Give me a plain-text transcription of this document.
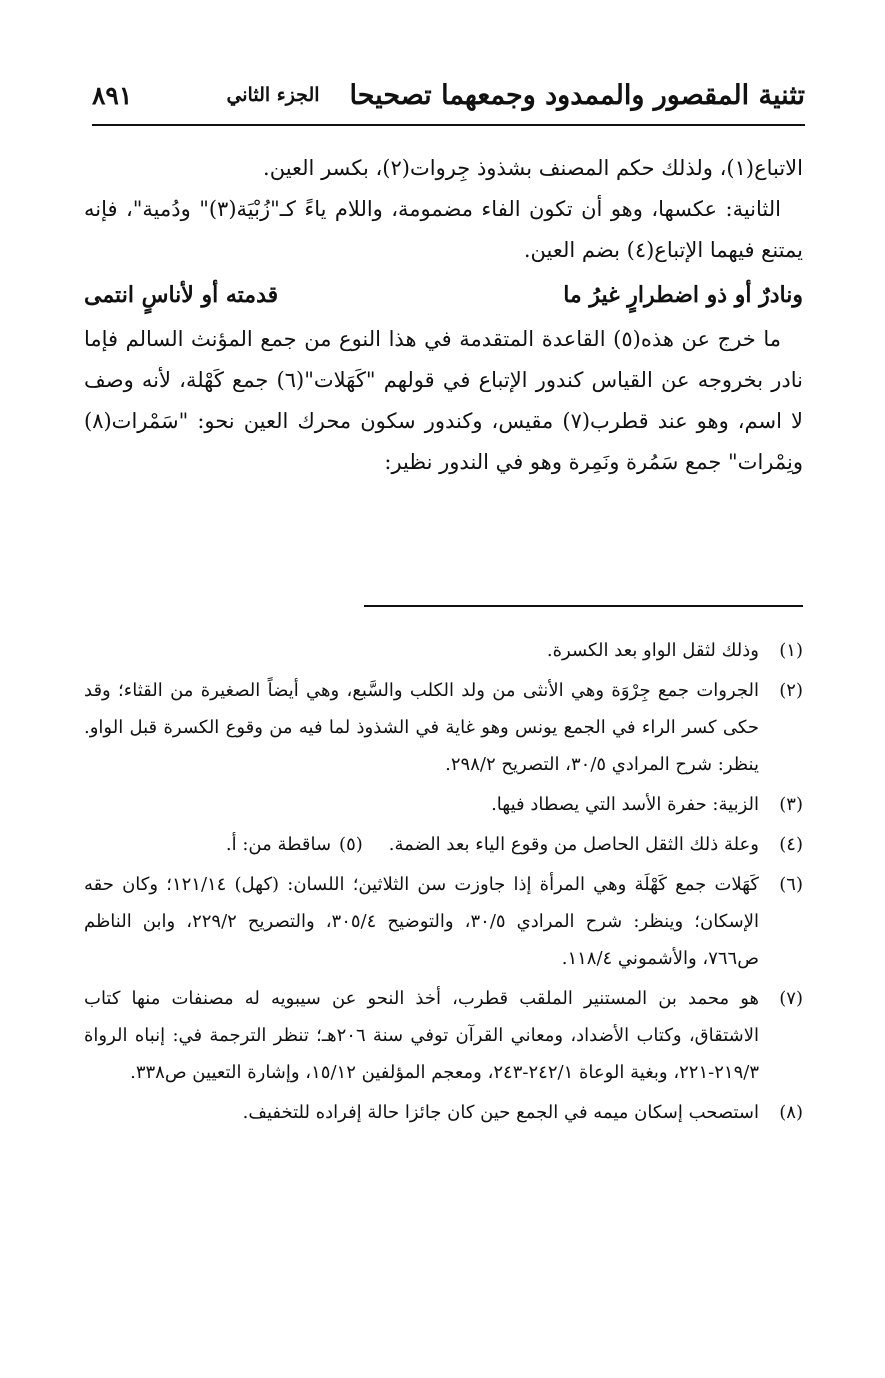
تثنية المقصور والممدود وجمعهما تصحيحا
الجزء الثاني
٨٩١

الاتباع(١)، ولذلك حكم المصنف بشذوذ جِروات(٢)، بكسر العين.

الثانية: عكسها، وهو أن تكون الفاء مضمومة، واللام ياءً كـ"زُبْيَة(٣)" ودُمية"، فإنه يمتنع فيهما الإتباع(٤) بضم العين.

ونادرٌ أو ذو اضطرارٍ غيرُ ما
قدمته أو لأناسٍ انتمى

ما خرج عن هذه(٥) القاعدة المتقدمة في هذا النوع من جمع المؤنث السالم فإما نادر بخروجه عن القياس كندور الإتباع في قولهم "كَهَلات"(٦) جمع كَهْلة، لأنه وصف لا اسم، وهو عند قطرب(٧) مقيس، وكندور سكون محرك العين نحو: "سَمْرات(٨) ونِمْرات" جمع سَمُرة ونَمِرة وهو في الندور نظير:

(١)
وذلك لثقل الواو بعد الكسرة.
(٢)
الجروات جمع جِرْوَة وهي الأنثى من ولد الكلب والسَّبع، وهي أيضاً الصغيرة من القثاء؛ وقد حكى كسر الراء في الجمع يونس وهو غاية في الشذوذ لما فيه من وقوع الكسرة قبل الواو. ينظر: شرح المرادي ٣٠/٥، التصريح ٢٩٨/٢.
(٣)
الزبية: حفرة الأسد التي يصطاد فيها.
(٤)
وعلة ذلك الثقل الحاصل من وقوع الياء بعد الضمة.(٥)ساقطة من: أ.
(٦)
كَهَلات جمع كَهْلَة وهي المرأة إذا جاوزت سن الثلاثين؛ اللسان: (كهل) ١٢١/١٤؛ وكان حقه الإسكان؛ وينظر: شرح المرادي ٣٠/٥، والتوضيح ٣٠٥/٤، والتصريح ٢٢٩/٢، وابن الناظم ص٧٦٦، والأشموني ١١٨/٤.
(٧)
هو محمد بن المستنير الملقب قطرب، أخذ النحو عن سيبويه له مصنفات منها كتاب الاشتقاق، وكتاب الأضداد، ومعاني القرآن توفي سنة ٢٠٦هـ؛ تنظر الترجمة في: إنباه الرواة ٢١٩/٣-٢٢١، وبغية الوعاة ٢٤٢/١-٢٤٣، ومعجم المؤلفين ١٥/١٢، وإشارة التعيين ص٣٣٨.
(٨)
استصحب إسكان ميمه في الجمع حين كان جائزا حالة إفراده للتخفيف.
